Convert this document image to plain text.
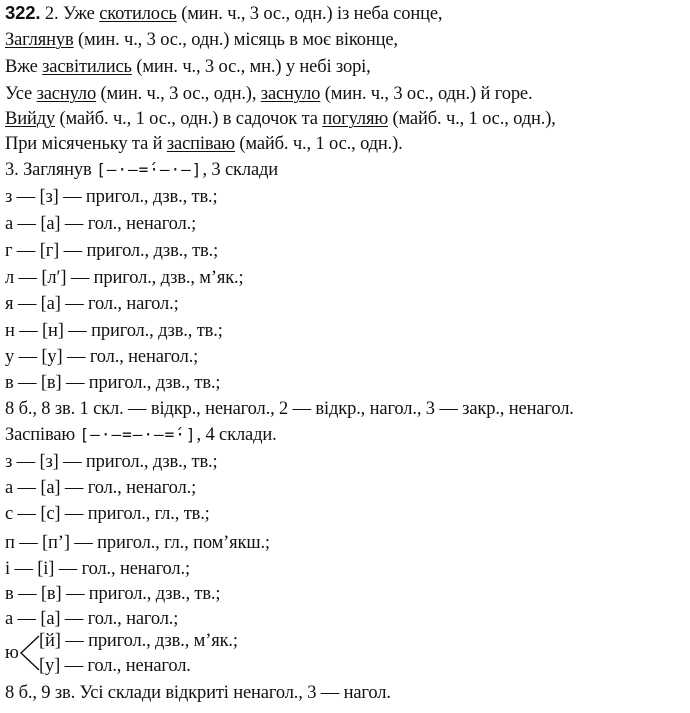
322. 2. Уже скотилось (мин. ч., 3 ос., одн.) із неба сонце,
Заглянув (мин. ч., 3 ос., одн.) місяць в моє віконце,
Вже засвітились (мин. ч., 3 ос., мн.) у небі зорі,
Усе заснуло (мин. ч., 3 ос., одн.), заснуло (мин. ч., 3 ос., одн.) й горе.
Вийду (майб. ч., 1 ос., одн.) в садочок та погуляю (майб. ч., 1 ос., одн.),
При місяченьку та й заспіваю (майб. ч., 1 ос., одн.).
3. Заглянув [–·–=́·–·–], 3 склади
з — [з] — пригол., дзв., тв.;
а — [а] — гол., ненагол.;
г — [г] — пригол., дзв., тв.;
л — [л′] — пригол., дзв., м’як.;
я — [а] — гол., нагол.;
н — [н] — пригол., дзв., тв.;
у — [у] — гол., ненагол.;
в — [в] — пригол., дзв., тв.;
8 б., 8 зв. 1 скл. — відкр., ненагол., 2 — відкр., нагол., 3 — закр., ненагол.
Заспіваю [–·–=–·–=́·], 4 склади.
з — [з] — пригол., дзв., тв.;
а — [а] — гол., ненагол.;
с — [с] — пригол., гл., тв.;
п — [п’] — пригол., гл., пом’якш.;
і — [і] — гол., ненагол.;
в — [в] — пригол., дзв., тв.;
а — [а] — гол., нагол.;
ю
[й] — пригол., дзв., м’як.;
[у] — гол., ненагол.
8 б., 9 зв. Усі склади відкриті ненагол., 3 — нагол.
